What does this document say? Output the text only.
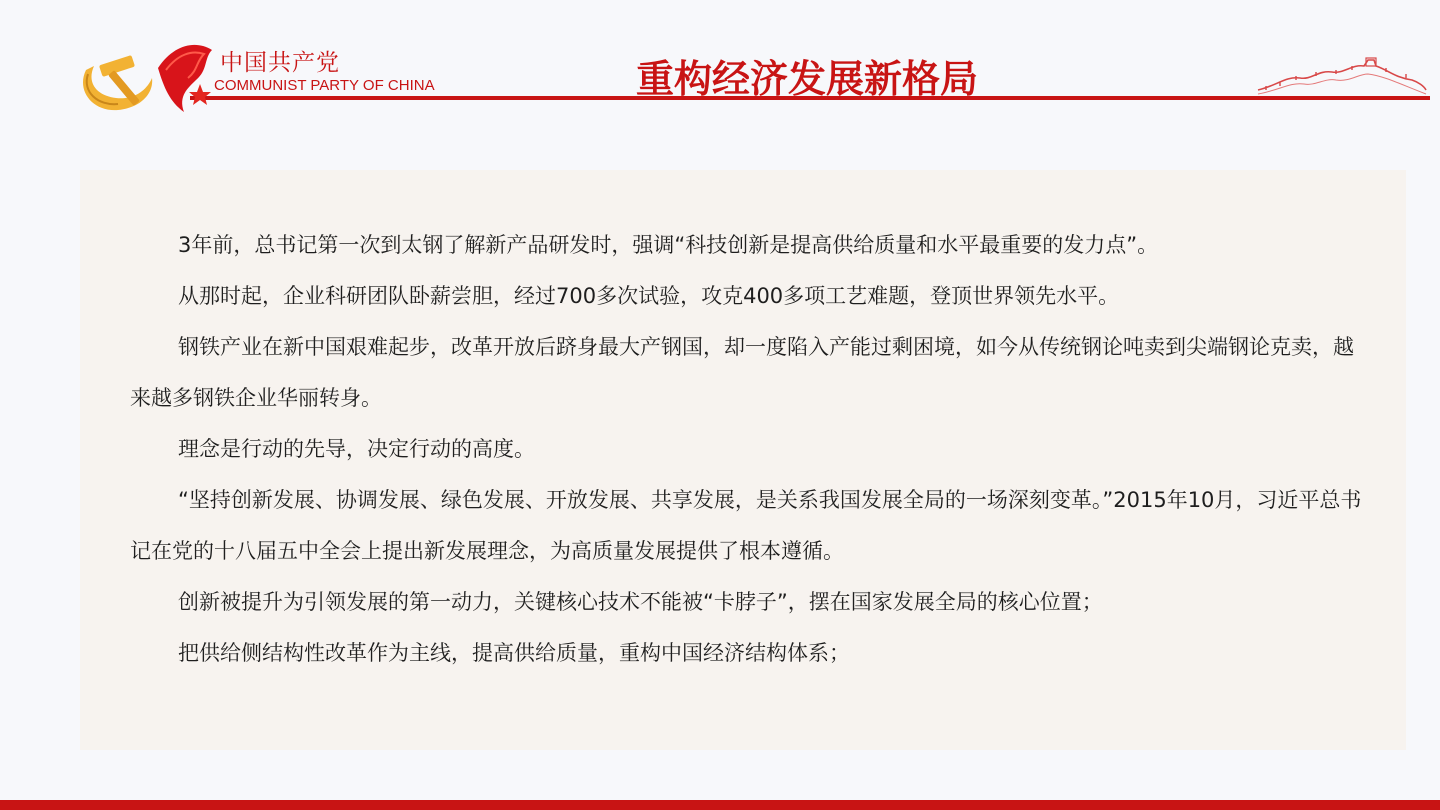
中国共产党
COMMUNIST PARTY OF CHINA	重构经济发展新格局

3年前，总书记第一次到太钢了解新产品研发时，强调“科技创新是提高供给质量和水平最重要的发力点”。

从那时起，企业科研团队卧薪尝胆，经过700多次试验，攻克400多项工艺难题，登顶世界领先水平。

钢铁产业在新中国艰难起步，改革开放后跻身最大产钢国，却一度陷入产能过剩困境，如今从传统钢论吨卖到尖端钢论克卖，越来越多钢铁企业华丽转身。

理念是行动的先导，决定行动的高度。

“坚持创新发展、协调发展、绿色发展、开放发展、共享发展，是关系我国发展全局的一场深刻变革。”2015年10月，习近平总书记在党的十八届五中全会上提出新发展理念，为高质量发展提供了根本遵循。

创新被提升为引领发展的第一动力，关键核心技术不能被“卡脖子”，摆在国家发展全局的核心位置；

把供给侧结构性改革作为主线，提高供给质量，重构中国经济结构体系；
